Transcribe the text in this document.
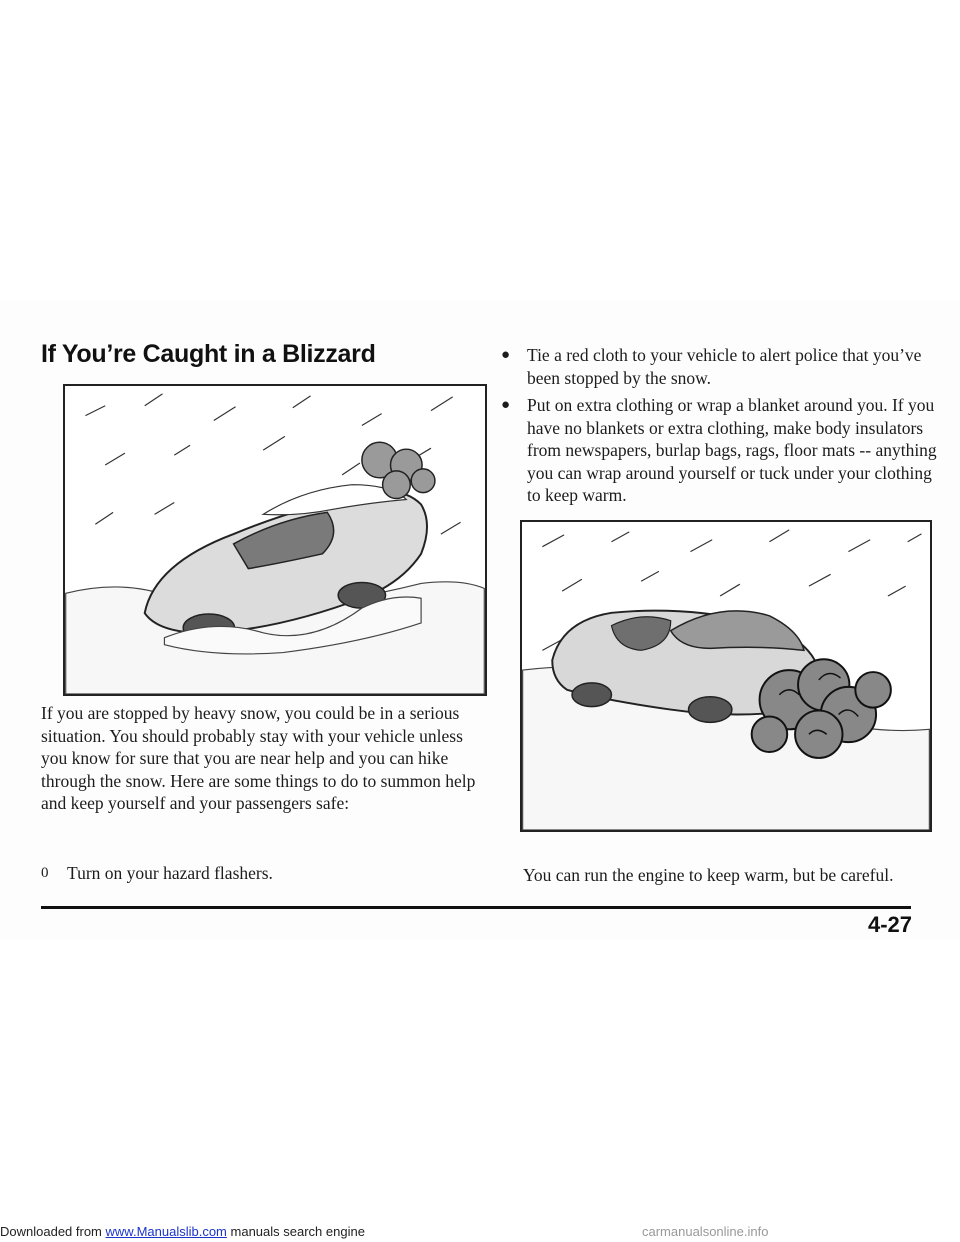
If You’re Caught in a Blizzard

If you are stopped by heavy snow, you could be in a serious situation. You should probably stay with your vehicle unless you know for sure that you are near help and you can hike through the snow. Here are some things to do to summon help and keep yourself and your passengers safe:

0 Turn on your hazard flashers.
● Tie a red cloth to your vehicle to alert police that you’ve been stopped by the snow.
● Put on extra clothing or wrap a blanket around you. If you have no blankets or extra clothing, make body insulators from newspapers, burlap bags, rags, floor mats -- anything you can wrap around yourself or tuck under your clothing to keep warm.

You can run the engine to keep warm, but be careful.

4-27
Downloaded from www.Manualslib.com manuals search engine	carmanualsonline.info
